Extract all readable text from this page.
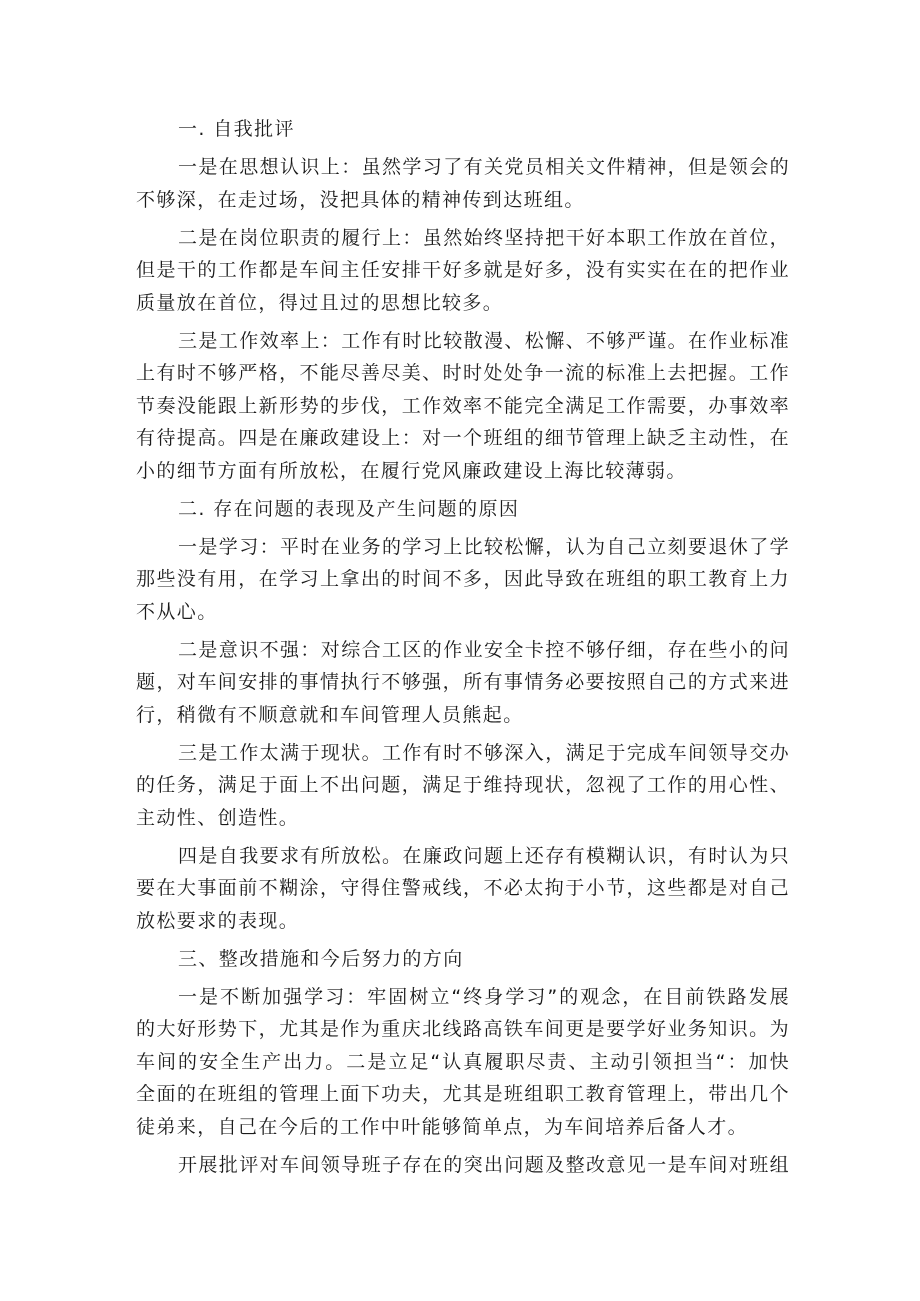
一. 自我批评

一是在思想认识上：虽然学习了有关党员相关文件精神，但是领会的不够深，在走过场，没把具体的精神传到达班组。

二是在岗位职责的履行上：虽然始终坚持把干好本职工作放在首位，但是干的工作都是车间主任安排干好多就是好多，没有实实在在的把作业质量放在首位，得过且过的思想比较多。

三是工作效率上：工作有时比较散漫、松懈、不够严谨。在作业标准上有时不够严格，不能尽善尽美、时时处处争一流的标准上去把握。工作节奏没能跟上新形势的步伐，工作效率不能完全满足工作需要，办事效率有待提高。四是在廉政建设上：对一个班组的细节管理上缺乏主动性，在小的细节方面有所放松，在履行党风廉政建设上海比较薄弱。

二. 存在问题的表现及产生问题的原因

一是学习：平时在业务的学习上比较松懈，认为自己立刻要退休了学那些没有用，在学习上拿出的时间不多，因此导致在班组的职工教育上力不从心。

二是意识不强：对综合工区的作业安全卡控不够仔细，存在些小的问题，对车间安排的事情执行不够强，所有事情务必要按照自己的方式来进行，稍微有不顺意就和车间管理人员熊起。

三是工作太满于现状。工作有时不够深入，满足于完成车间领导交办的任务，满足于面上不出问题，满足于维持现状，忽视了工作的用心性、主动性、创造性。

四是自我要求有所放松。在廉政问题上还存有模糊认识，有时认为只要在大事面前不糊涂，守得住警戒线，不必太拘于小节，这些都是对自己放松要求的表现。

三、整改措施和今后努力的方向

一是不断加强学习：牢固树立“终身学习”的观念，在目前铁路发展的大好形势下，尤其是作为重庆北线路高铁车间更是要学好业务知识。为车间的安全生产出力。二是立足“认真履职尽责、主动引领担当“：加快全面的在班组的管理上面下功夫，尤其是班组职工教育管理上，带出几个徒弟来，自己在今后的工作中叶能够简单点，为车间培养后备人才。

开展批评对车间领导班子存在的突出问题及整改意见一是车间对班组
